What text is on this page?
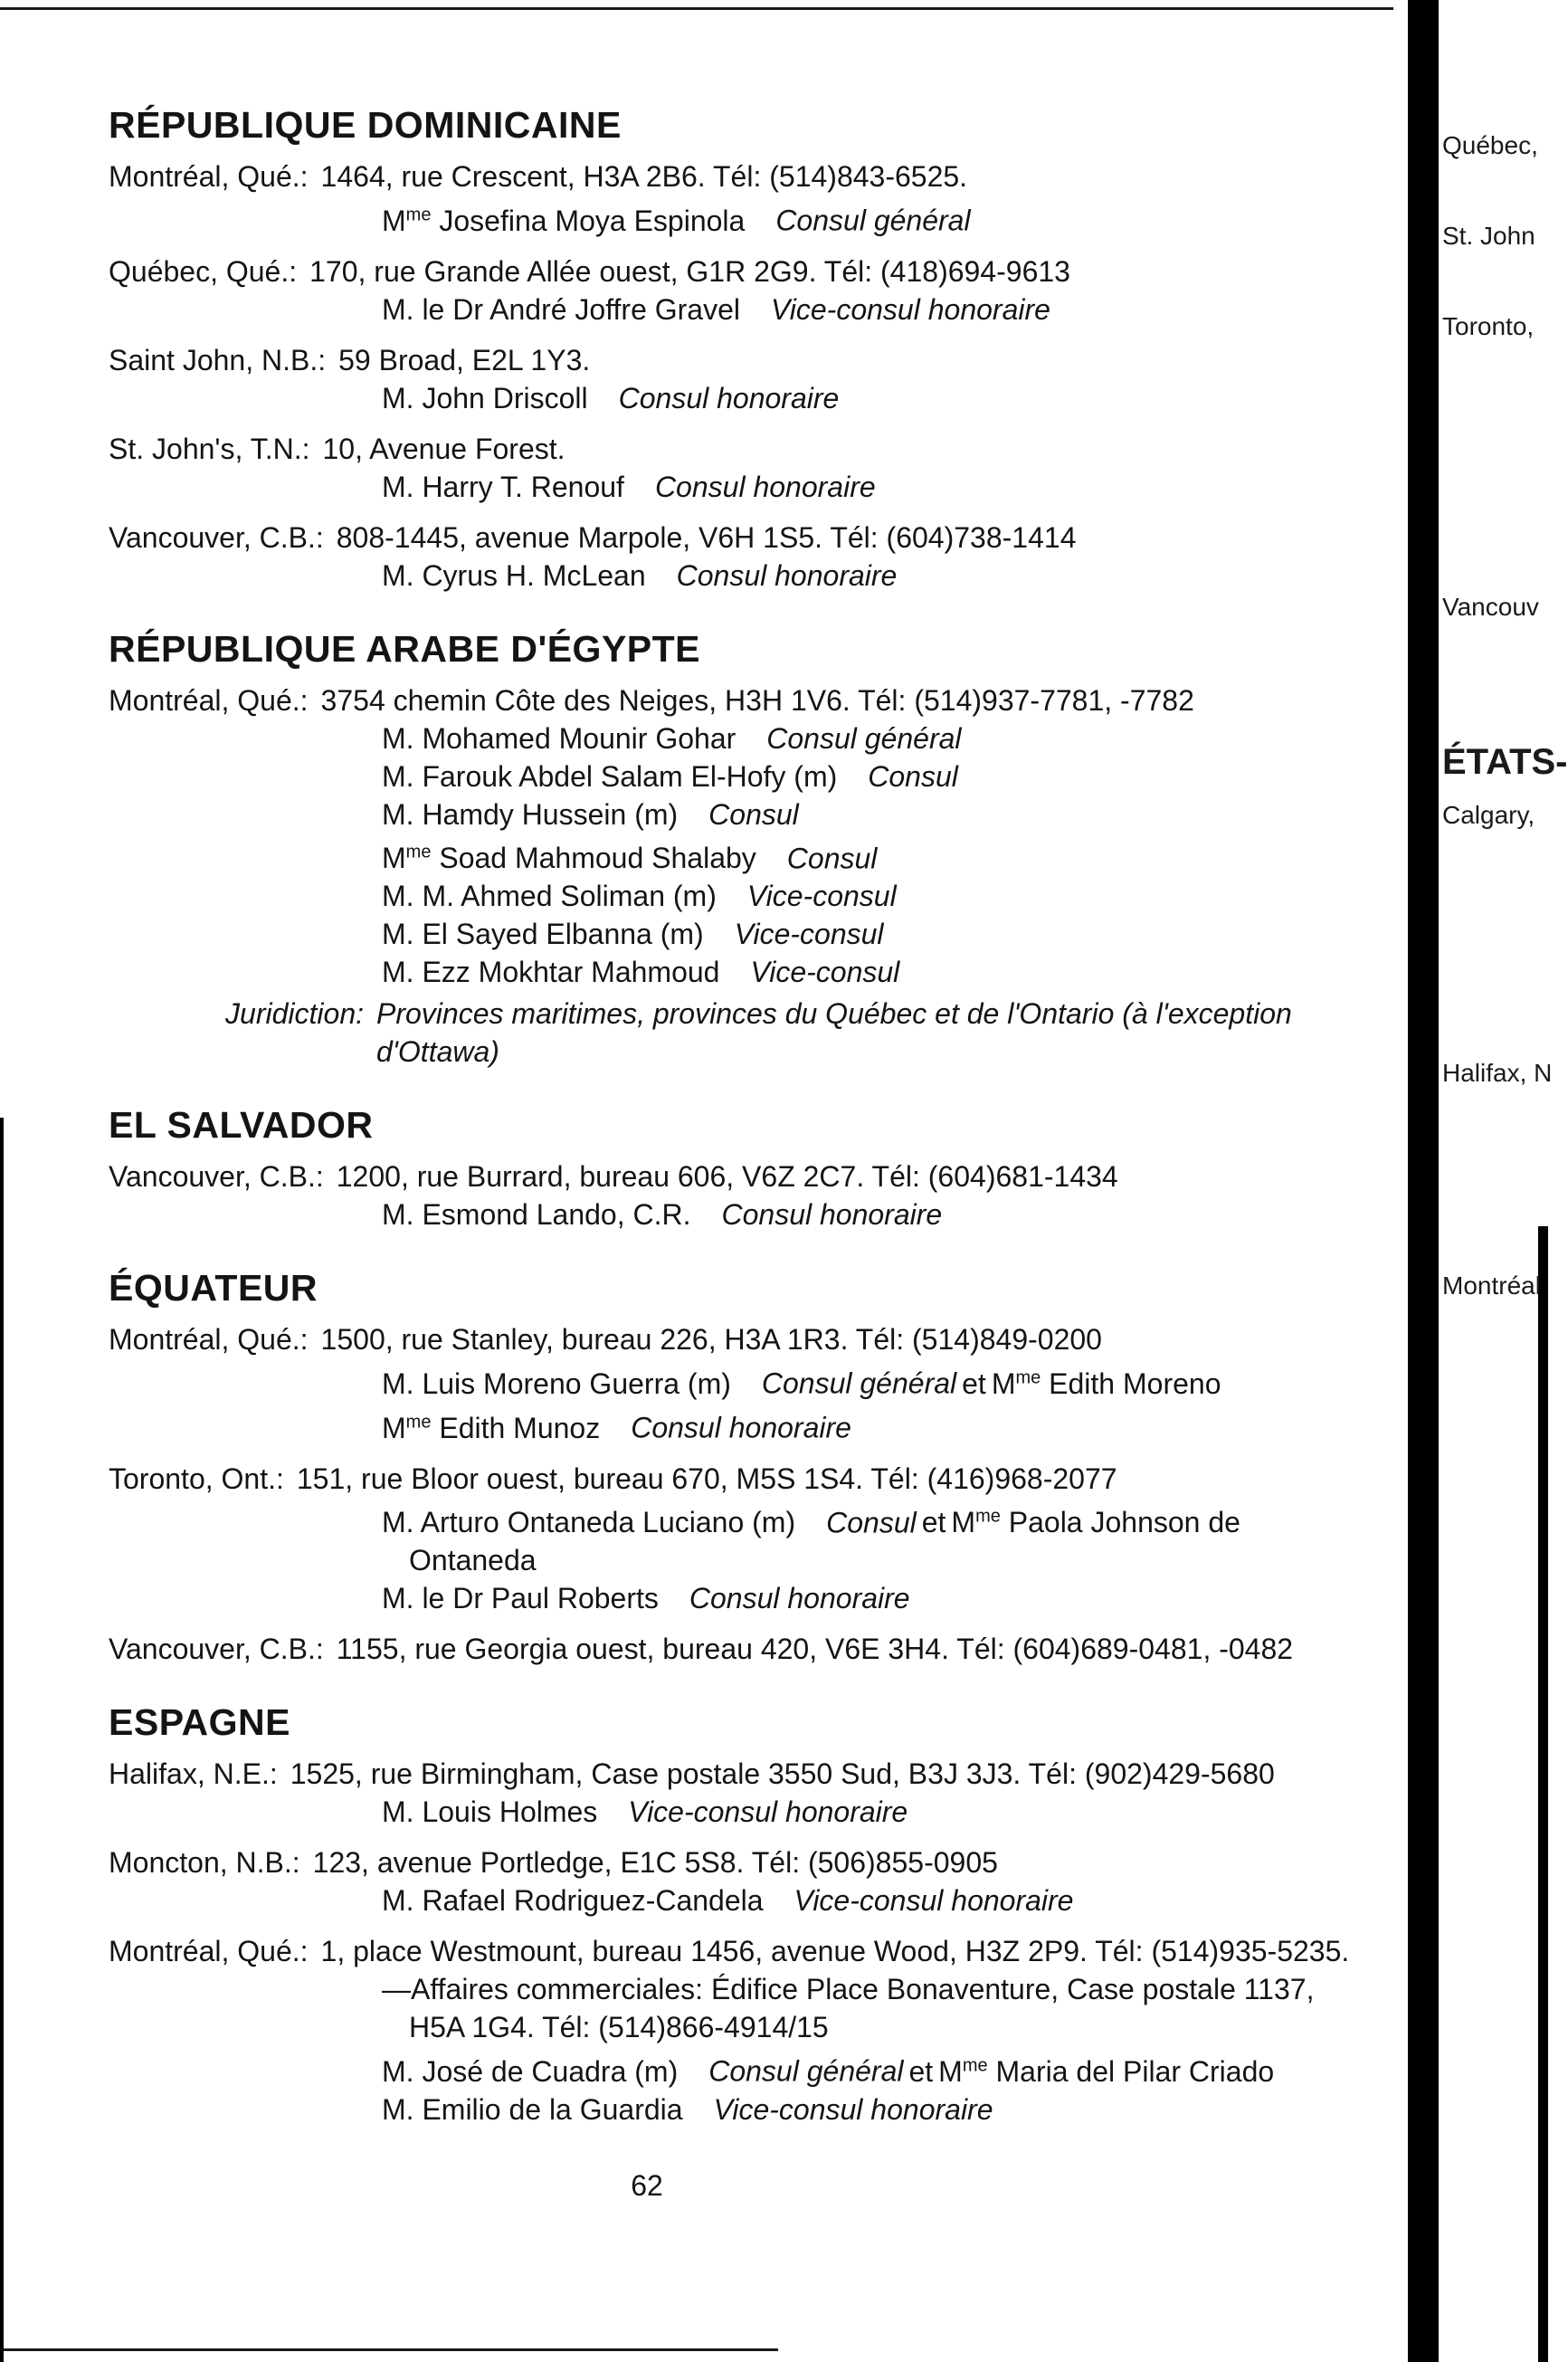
RÉPUBLIQUE DOMINICAINE
Montréal, Qué.: 1464, rue Crescent, H3A 2B6. Tél: (514)843-6525.
$M^{me}$ Josefina Moya Espinola Consul général
Québec, Qué.: 170, rue Grande Allée ouest, G1R 2G9. Tél: (418)694-9613
M. le Dr André Joffre Gravel Vice-consul honoraire
Saint John, N.B.: 59 Broad, E2L 1Y3.
M. John Driscoll Consul honoraire
St. John's, T.N.: 10, Avenue Forest.
M. Harry T. Renouf Consul honoraire
Vancouver, C.B.: 808-1445, avenue Marpole, V6H 1S5. Tél: (604)738-1414
M. Cyrus H. McLean Consul honoraire
RÉPUBLIQUE ARABE D'ÉGYPTE
Montréal, Qué.: 3754 chemin Côte des Neiges, H3H 1V6. Tél: (514)937-7781, -7782
M. Mohamed Mounir Gohar Consul général
M. Farouk Abdel Salam El-Hofy (m) Consul
M. Hamdy Hussein (m) Consul
$M^{me}$ Soad Mahmoud Shalaby Consul
M. M. Ahmed Soliman (m) Vice-consul
M. El Sayed Elbanna (m) Vice-consul
M. Ezz Mokhtar Mahmoud Vice-consul
Juridiction: Provinces maritimes, provinces du Québec et de l'Ontario (à l'exception d'Ottawa)
EL SALVADOR
Vancouver, C.B.: 1200, rue Burrard, bureau 606, V6Z 2C7. Tél: (604)681-1434
M. Esmond Lando, C.R. Consul honoraire
ÉQUATEUR
Montréal, Qué.: 1500, rue Stanley, bureau 226, H3A 1R3. Tél: (514)849-0200
M. Luis Moreno Guerra (m) Consul général et $M^{me}$ Edith Moreno
$M^{me}$ Edith Munoz Consul honoraire
Toronto, Ont.: 151, rue Bloor ouest, bureau 670, M5S 1S4. Tél: (416)968-2077
M. Arturo Ontaneda Luciano (m) Consul et $M^{me}$ Paola Johnson de
Ontaneda
M. le Dr Paul Roberts Consul honoraire
Vancouver, C.B.: 1155, rue Georgia ouest, bureau 420, V6E 3H4. Tél: (604)689-0481, -0482
ESPAGNE
Halifax, N.E.: 1525, rue Birmingham, Case postale 3550 Sud, B3J 3J3. Tél: (902)429-5680
M. Louis Holmes Vice-consul honoraire
Moncton, N.B.: 123, avenue Portledge, E1C 5S8. Tél: (506)855-0905
M. Rafael Rodriguez-Candela Vice-consul honoraire
Montréal, Qué.: 1, place Westmount, bureau 1456, avenue Wood, H3Z 2P9. Tél: (514)935-5235.
—Affaires commerciales: Édifice Place Bonaventure, Case postale 1137,
H5A 1G4. Tél: (514)866-4914/15
M. José de Cuadra (m) Consul général et $M^{me}$ Maria del Pilar Criado
M. Emilio de la Guardia Vice-consul honoraire
62
Québec,
St. John
Toronto,
Vancouv
ÉTATS-
Calgary,
Halifax, N
Montréal
